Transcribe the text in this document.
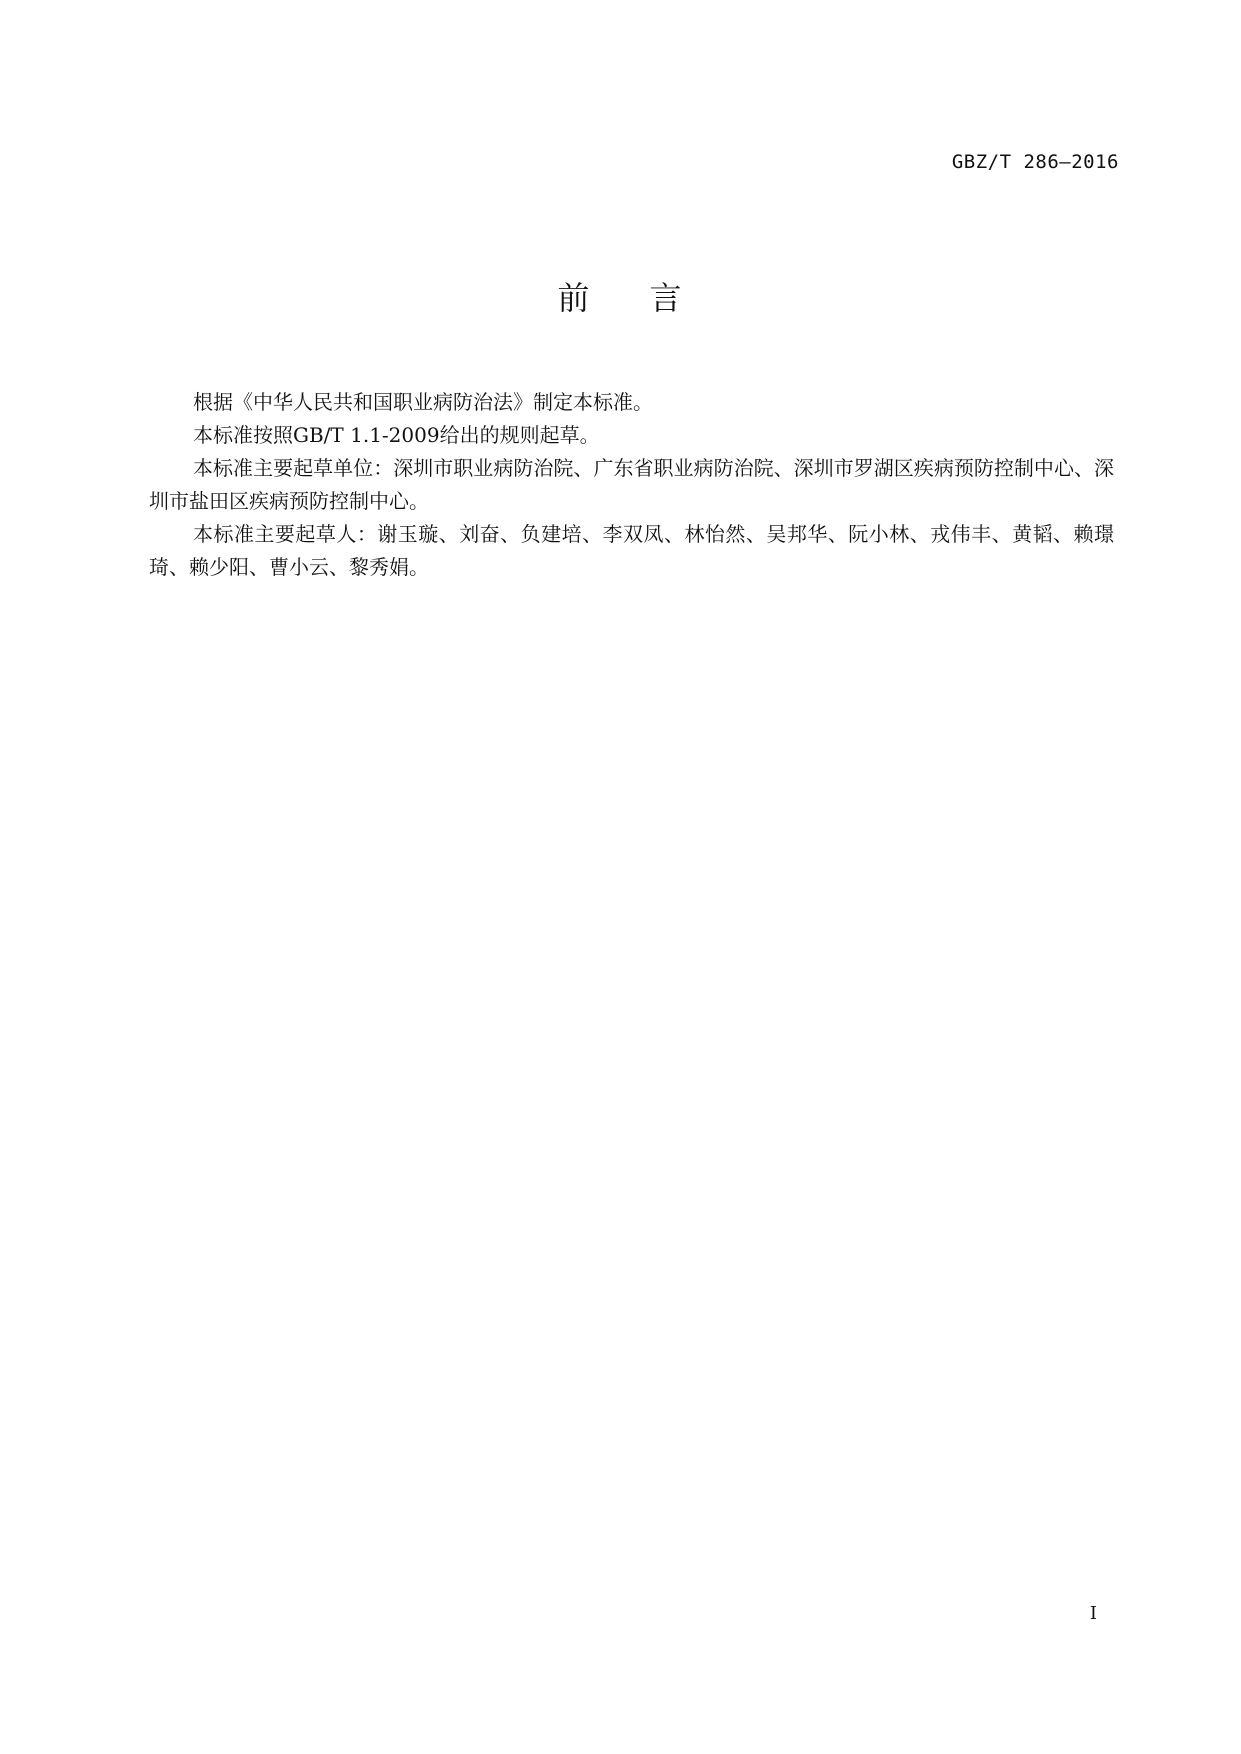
GBZ/T 286—2016
前 言

根据《中华人民共和国职业病防治法》制定本标准。

本标准按照GB/T 1.1-2009给出的规则起草。

本标准主要起草单位：深圳市职业病防治院、广东省职业病防治院、深圳市罗湖区疾病预防控制中心、深圳市盐田区疾病预防控制中心。

本标准主要起草人：谢玉璇、刘奋、负建培、李双凤、林怡然、吴邦华、阮小林、戎伟丰、黄韬、赖璟琦、赖少阳、曹小云、黎秀娟。

I
